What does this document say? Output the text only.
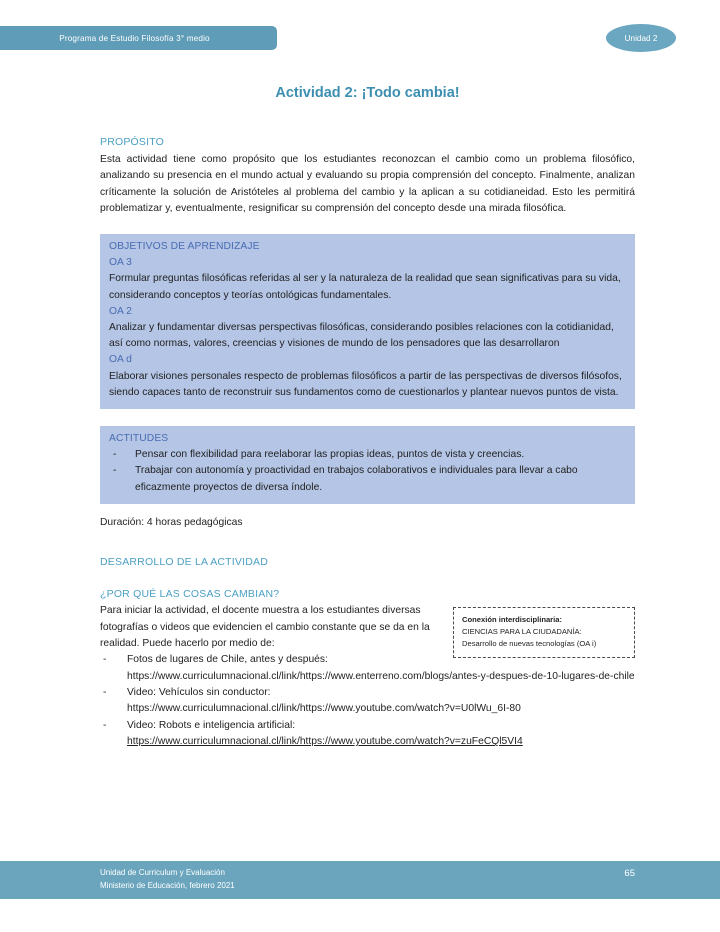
Programa de Estudio Filosofía 3° medio	Unidad 2
Actividad 2: ¡Todo cambia!
PROPÓSITO

Esta actividad tiene como propósito que los estudiantes reconozcan el cambio como un problema filosófico, analizando su presencia en el mundo actual y evaluando su propia comprensión del concepto. Finalmente, analizan críticamente la solución de Aristóteles al problema del cambio y la aplican a su cotidianeidad. Esto les permitirá problematizar y, eventualmente, resignificar su comprensión del concepto desde una mirada filosófica.

OBJETIVOS DE APRENDIZAJE
OA 3
Formular preguntas filosóficas referidas al ser y la naturaleza de la realidad que sean significativas para su vida, considerando conceptos y teorías ontológicas fundamentales.
OA 2
Analizar y fundamentar diversas perspectivas filosóficas, considerando posibles relaciones con la cotidianidad, así como normas, valores, creencias y visiones de mundo de los pensadores que las desarrollaron
OA d
Elaborar visiones personales respecto de problemas filosóficos a partir de las perspectivas de diversos filósofos, siendo capaces tanto de reconstruir sus fundamentos como de cuestionarlos y plantear nuevos puntos de vista.
ACTITUDES
- Pensar con flexibilidad para reelaborar las propias ideas, puntos de vista y creencias.
- Trabajar con autonomía y proactividad en trabajos colaborativos e individuales para llevar a cabo eficazmente proyectos de diversa índole.
Duración: 4 horas pedagógicas
DESARROLLO DE LA ACTIVIDAD
¿POR QUÉ LAS COSAS CAMBIAN?
Conexión interdisciplinaria:
CIENCIAS PARA LA CIUDADANÍA:
Desarrollo de nuevas tecnologías (OA i)

Para iniciar la actividad, el docente muestra a los estudiantes diversas fotografías o videos que evidencien el cambio constante que se da en la realidad. Puede hacerlo por medio de:

- Fotos de lugares de Chile, antes y después:
https://www.curriculumnacional.cl/link/https://www.enterreno.com/blogs/antes-y-despues-de-10-lugares-de-chile
- Video: Vehículos sin conductor:
https://www.curriculumnacional.cl/link/https://www.youtube.com/watch?v=U0lWu_6I-80
- Video: Robots e inteligencia artificial:
https://www.curriculumnacional.cl/link/https://www.youtube.com/watch?v=zuFeCQl5VI4
Unidad de Curriculum y Evaluación
Ministerio de Educación, febrero 2021
65
